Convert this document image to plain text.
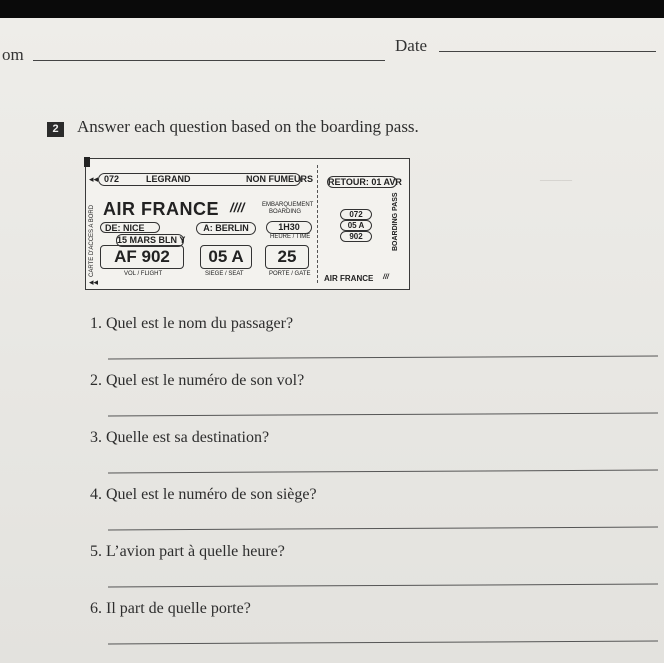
om	Date
2	Answer each question based on the boarding pass.
◂◂ 072	LEGRAND	NON FUMEURS
CARTE D'ACCES A BORD AIR FRANCE ////	EMBARQUEMENT
BOARDING
DE: NICE	A: BERLIN	1H30
HEURE / TIME
15 MARS BLN Y
AF 902	05 A	25
VOL / FLIGHT	SIEGE / SEAT	PORTE / GATE
◂◂
RETOUR: 01 AVR
072
05 A
902	BOARDING PASS
AIR FRANCE ///
———
1. Quel est le nom du passager?
2. Quel est le numéro de son vol?
3. Quelle est sa destination?
4. Quel est le numéro de son siège?
5. L’avion part à quelle heure?
6. Il part de quelle porte?
